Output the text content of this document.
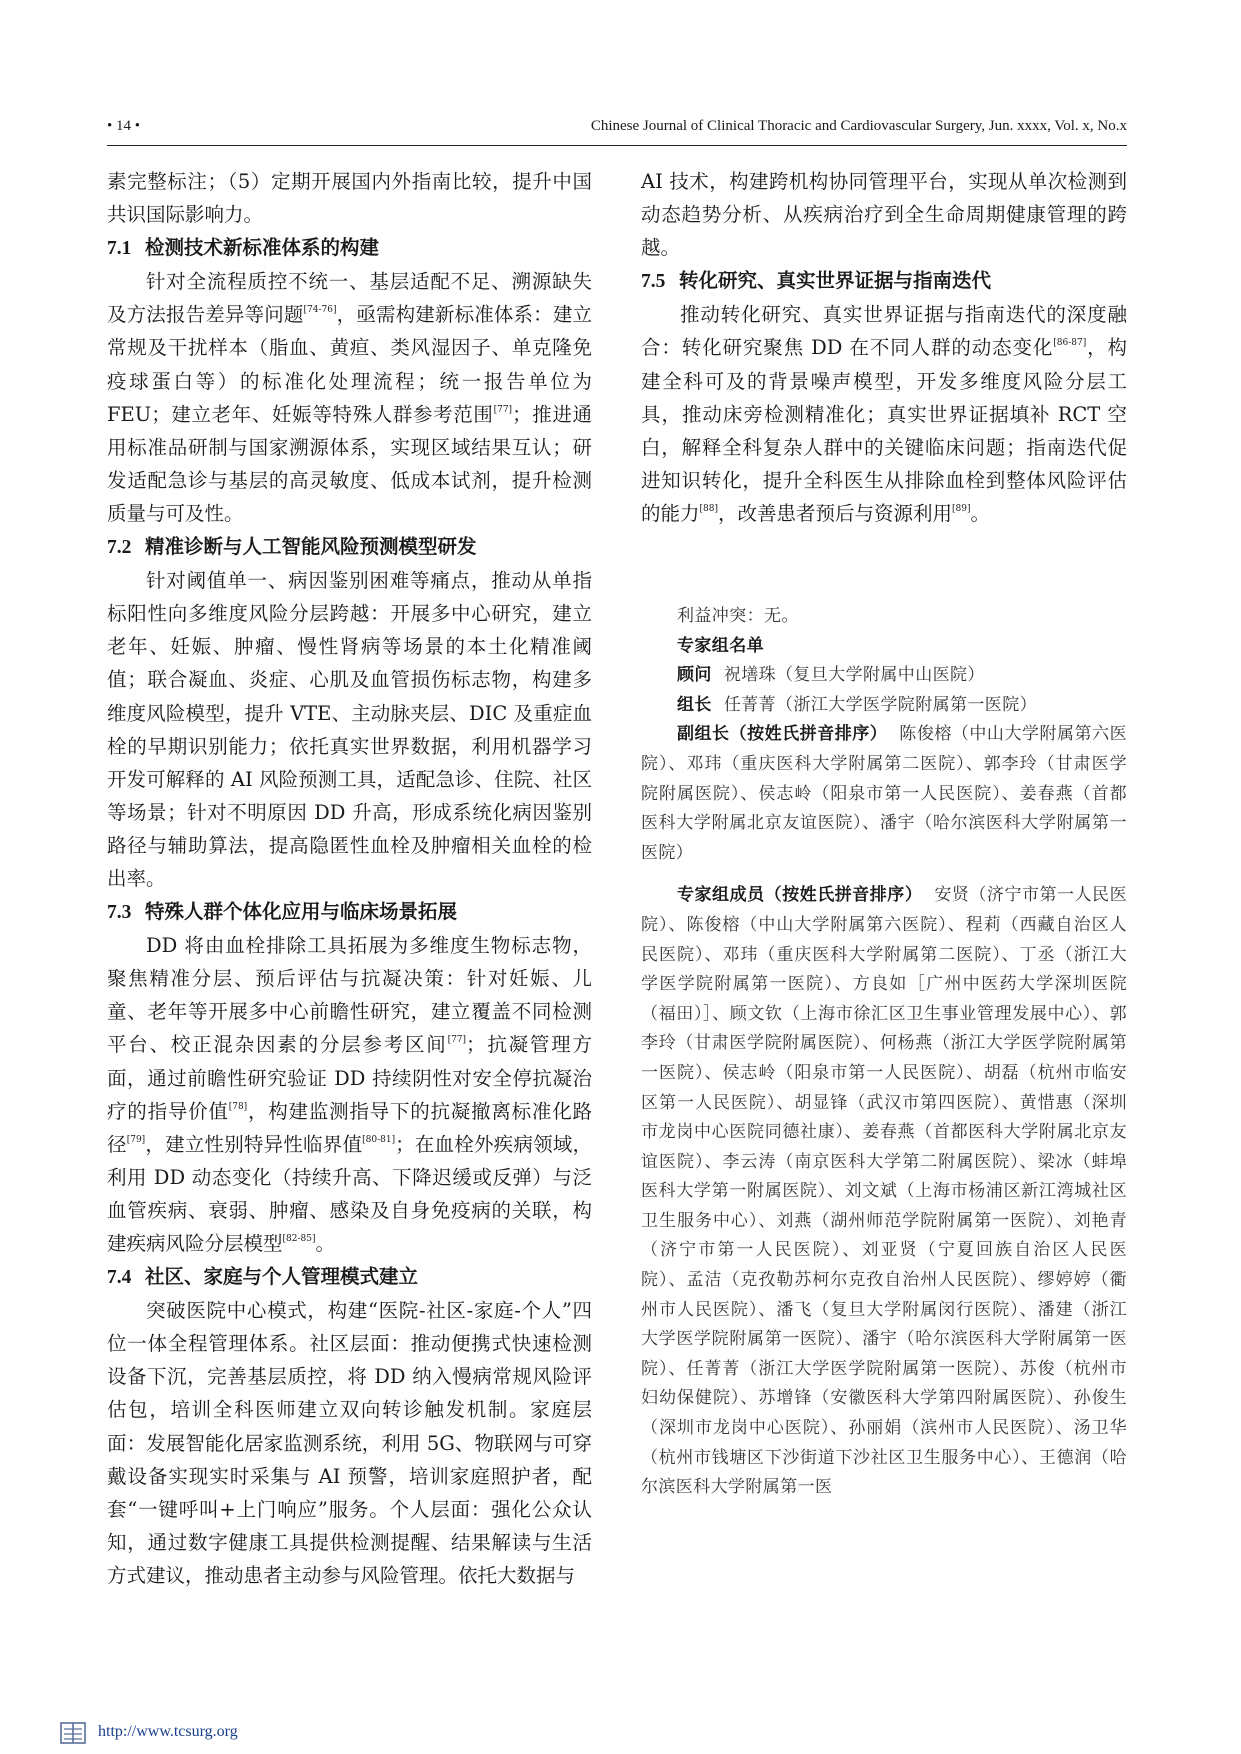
• 14 •	Chinese Journal of Clinical Thoracic and Cardiovascular Surgery, Jun. xxxx, Vol. x, No.x

素完整标注；（5）定期开展国内外指南比较，提升中国共识国际影响力。

7.1 检测技术新标准体系的构建

针对全流程质控不统一、基层适配不足、溯源缺失及方法报告差异等问题[74-76]，亟需构建新标准体系：建立常规及干扰样本（脂血、黄疸、类风湿因子、单克隆免疫球蛋白等）的标准化处理流程；统一报告单位为 FEU；建立老年、妊娠等特殊人群参考范围[77]；推进通用标准品研制与国家溯源体系，实现区域结果互认；研发适配急诊与基层的高灵敏度、低成本试剂，提升检测质量与可及性。

7.2 精准诊断与人工智能风险预测模型研发

针对阈值单一、病因鉴别困难等痛点，推动从单指标阳性向多维度风险分层跨越：开展多中心研究，建立老年、妊娠、肿瘤、慢性肾病等场景的本土化精准阈值；联合凝血、炎症、心肌及血管损伤标志物，构建多维度风险模型，提升 VTE、主动脉夹层、DIC 及重症血栓的早期识别能力；依托真实世界数据，利用机器学习开发可解释的 AI 风险预测工具，适配急诊、住院、社区等场景；针对不明原因 DD 升高，形成系统化病因鉴别路径与辅助算法，提高隐匿性血栓及肿瘤相关血栓的检出率。

7.3 特殊人群个体化应用与临床场景拓展

DD 将由血栓排除工具拓展为多维度生物标志物，聚焦精准分层、预后评估与抗凝决策：针对妊娠、儿童、老年等开展多中心前瞻性研究，建立覆盖不同检测平台、校正混杂因素的分层参考区间[77]；抗凝管理方面，通过前瞻性研究验证 DD 持续阴性对安全停抗凝治疗的指导价值[78]，构建监测指导下的抗凝撤离标准化路径[79]，建立性别特异性临界值[80-81]；在血栓外疾病领域，利用 DD 动态变化（持续升高、下降迟缓或反弹）与泛血管疾病、衰弱、肿瘤、感染及自身免疫病的关联，构建疾病风险分层模型[82-85]。

7.4 社区、家庭与个人管理模式建立

突破医院中心模式，构建“医院-社区-家庭-个人”四位一体全程管理体系。社区层面：推动便携式快速检测设备下沉，完善基层质控，将 DD 纳入慢病常规风险评估包，培训全科医师建立双向转诊触发机制。家庭层面：发展智能化居家监测系统，利用 5G、物联网与可穿戴设备实现实时采集与 AI 预警，培训家庭照护者，配套“一键呼叫+上门响应”服务。个人层面：强化公众认知，通过数字健康工具提供检测提醒、结果解读与生活方式建议，推动患者主动参与风险管理。依托大数据与

AI 技术，构建跨机构协同管理平台，实现从单次检测到动态趋势分析、从疾病治疗到全生命周期健康管理的跨越。

7.5 转化研究、真实世界证据与指南迭代

推动转化研究、真实世界证据与指南迭代的深度融合：转化研究聚焦 DD 在不同人群的动态变化[86-87]，构建全科可及的背景噪声模型，开发多维度风险分层工具，推动床旁检测精准化；真实世界证据填补 RCT 空白，解释全科复杂人群中的关键临床问题；指南迭代促进知识转化，提升全科医生从排除血栓到整体风险评估的能力[88]，改善患者预后与资源利用[89]。

利益冲突：无。

专家组名单

顾问 祝墡珠（复旦大学附属中山医院）

组长 任菁菁（浙江大学医学院附属第一医院）

副组长（按姓氏拼音排序） 陈俊榕（中山大学附属第六医院）、邓玮（重庆医科大学附属第二医院）、郭李玲（甘肃医学院附属医院）、侯志岭（阳泉市第一人民医院）、姜春燕（首都医科大学附属北京友谊医院）、潘宇（哈尔滨医科大学附属第一医院）

专家组成员（按姓氏拼音排序） 安贤（济宁市第一人民医院）、陈俊榕（中山大学附属第六医院）、程莉（西藏自治区人民医院）、邓玮（重庆医科大学附属第二医院）、丁丞（浙江大学医学院附属第一医院）、方良如［广州中医药大学深圳医院（福田）］、顾文钦（上海市徐汇区卫生事业管理发展中心）、郭李玲（甘肃医学院附属医院）、何杨燕（浙江大学医学院附属第一医院）、侯志岭（阳泉市第一人民医院）、胡磊（杭州市临安区第一人民医院）、胡显锋（武汉市第四医院）、黄惜惠（深圳市龙岗中心医院同德社康）、姜春燕（首都医科大学附属北京友谊医院）、李云涛（南京医科大学第二附属医院）、梁冰（蚌埠医科大学第一附属医院）、刘文斌（上海市杨浦区新江湾城社区卫生服务中心）、刘燕（湖州师范学院附属第一医院）、刘艳青（济宁市第一人民医院）、刘亚贤（宁夏回族自治区人民医院）、孟洁（克孜勒苏柯尔克孜自治州人民医院）、缪婷婷（衢州市人民医院）、潘飞（复旦大学附属闵行医院）、潘建（浙江大学医学院附属第一医院）、潘宇（哈尔滨医科大学附属第一医院）、任菁菁（浙江大学医学院附属第一医院）、苏俊（杭州市妇幼保健院）、苏增锋（安徽医科大学第四附属医院）、孙俊生（深圳市龙岗中心医院）、孙丽娟（滨州市人民医院）、汤卫华（杭州市钱塘区下沙街道下沙社区卫生服务中心）、王德润（哈尔滨医科大学附属第一医

http://www.tcsurg.org
